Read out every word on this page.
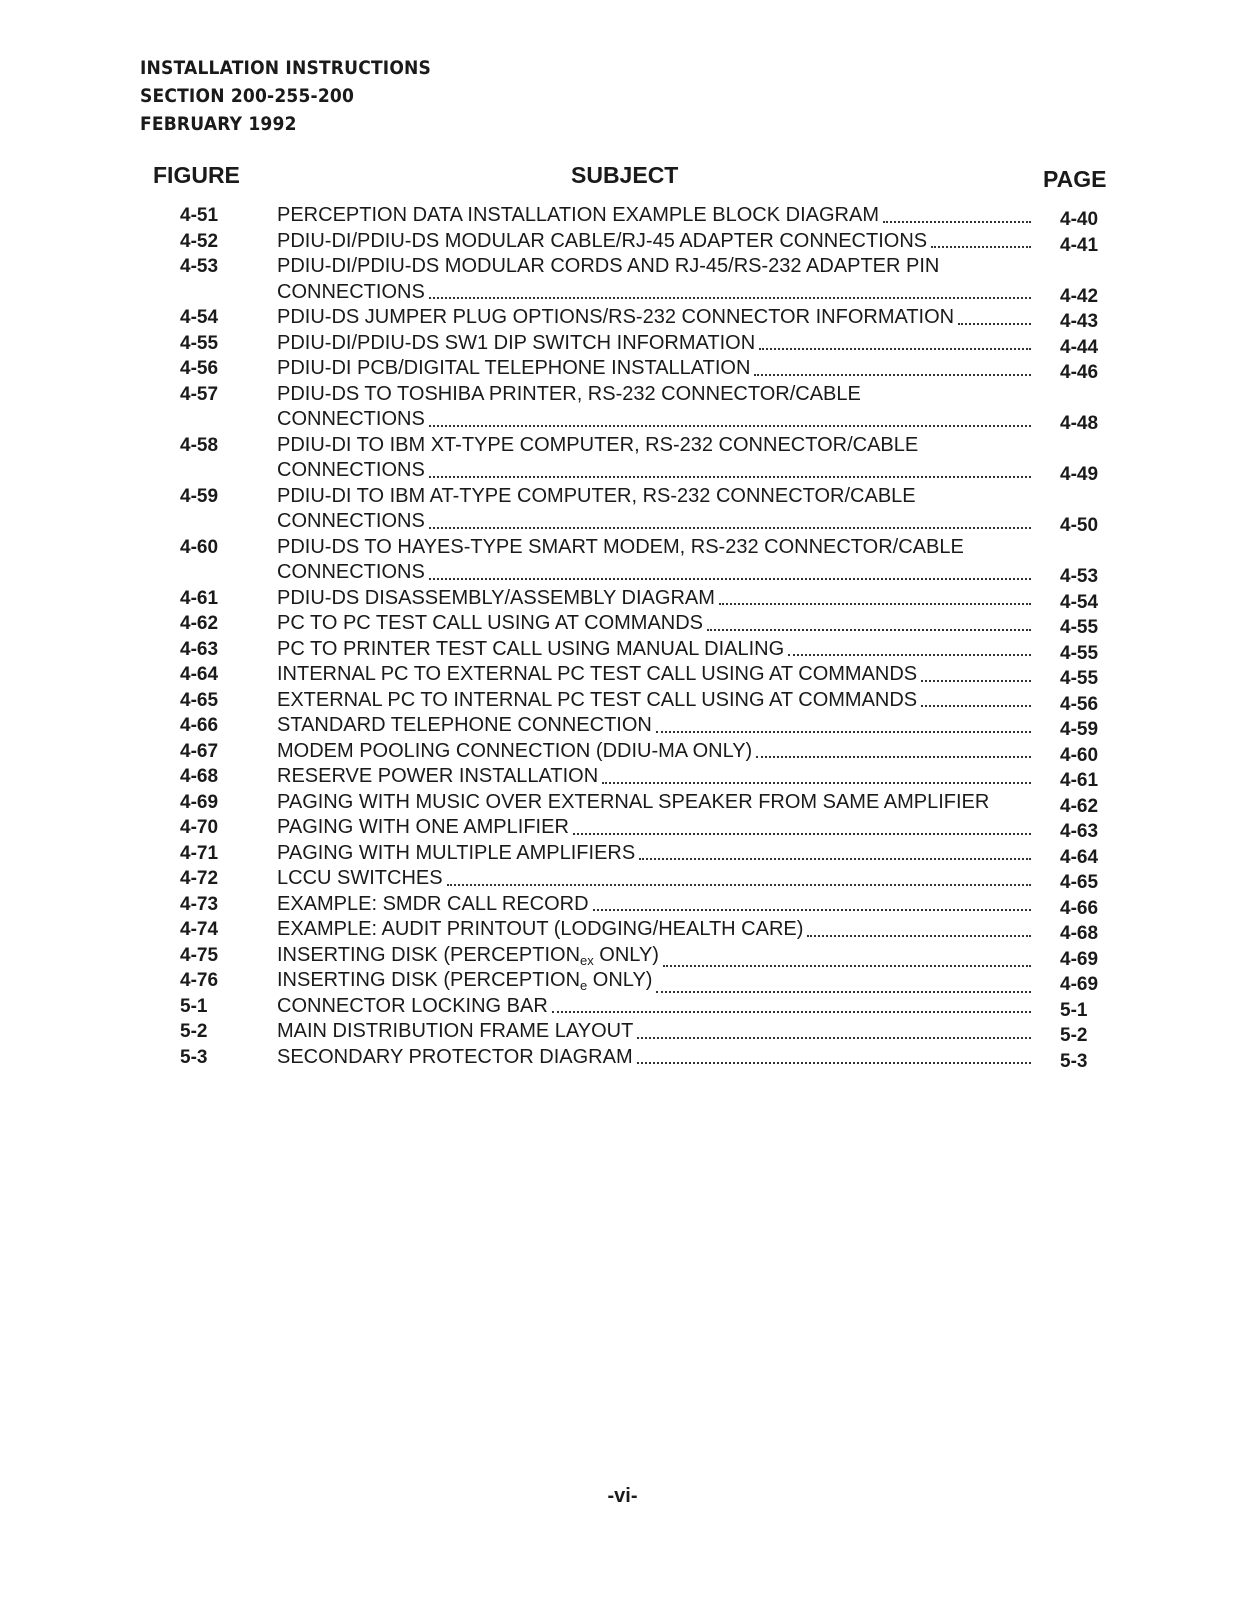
INSTALLATION INSTRUCTIONS
SECTION 200-255-200
FEBRUARY 1992
FIGURE	SUBJECT	PAGE
4-51	PERCEPTION DATA INSTALLATION EXAMPLE BLOCK DIAGRAM	4-40
4-52	PDIU-DI/PDIU-DS MODULAR CABLE/RJ-45 ADAPTER CONNECTIONS	4-41
4-53	PDIU-DI/PDIU-DS MODULAR CORDS AND RJ-45/RS-232 ADAPTER PIN
CONNECTIONS	4-42
4-54	PDIU-DS JUMPER PLUG OPTIONS/RS-232 CONNECTOR INFORMATION	4-43
4-55	PDIU-DI/PDIU-DS SW1 DIP SWITCH INFORMATION	4-44
4-56	PDIU-DI PCB/DIGITAL TELEPHONE INSTALLATION	4-46
4-57	PDIU-DS TO TOSHIBA PRINTER, RS-232 CONNECTOR/CABLE
CONNECTIONS	4-48
4-58	PDIU-DI TO IBM XT-TYPE COMPUTER, RS-232 CONNECTOR/CABLE
CONNECTIONS	4-49
4-59	PDIU-DI TO IBM AT-TYPE COMPUTER, RS-232 CONNECTOR/CABLE
CONNECTIONS	4-50
4-60	PDIU-DS TO HAYES-TYPE SMART MODEM, RS-232 CONNECTOR/CABLE
CONNECTIONS	4-53
4-61	PDIU-DS DISASSEMBLY/ASSEMBLY DIAGRAM	4-54
4-62	PC TO PC TEST CALL USING AT COMMANDS	4-55
4-63	PC TO PRINTER TEST CALL USING MANUAL DIALING	4-55
4-64	INTERNAL PC TO EXTERNAL PC TEST CALL USING AT COMMANDS	4-55
4-65	EXTERNAL PC TO INTERNAL PC TEST CALL USING AT COMMANDS	4-56
4-66	STANDARD TELEPHONE CONNECTION	4-59
4-67	MODEM POOLING CONNECTION (DDIU-MA ONLY)	4-60
4-68	RESERVE POWER INSTALLATION	4-61
4-69	PAGING WITH MUSIC OVER EXTERNAL SPEAKER FROM SAME AMPLIFIER	4-62
4-70	PAGING WITH ONE AMPLIFIER	4-63
4-71	PAGING WITH MULTIPLE AMPLIFIERS	4-64
4-72	LCCU SWITCHES	4-65
4-73	EXAMPLE: SMDR CALL RECORD	4-66
4-74	EXAMPLE: AUDIT PRINTOUT (LODGING/HEALTH CARE)	4-68
4-75	INSERTING DISK ($PERCEPTION_{ex}$ ONLY)	4-69
4-76	INSERTING DISK ($PERCEPTION_e$ ONLY)	4-69
5-1	CONNECTOR LOCKING BAR	5-1
5-2	MAIN DISTRIBUTION FRAME LAYOUT	5-2
5-3	SECONDARY PROTECTOR DIAGRAM	5-3
-vi-
